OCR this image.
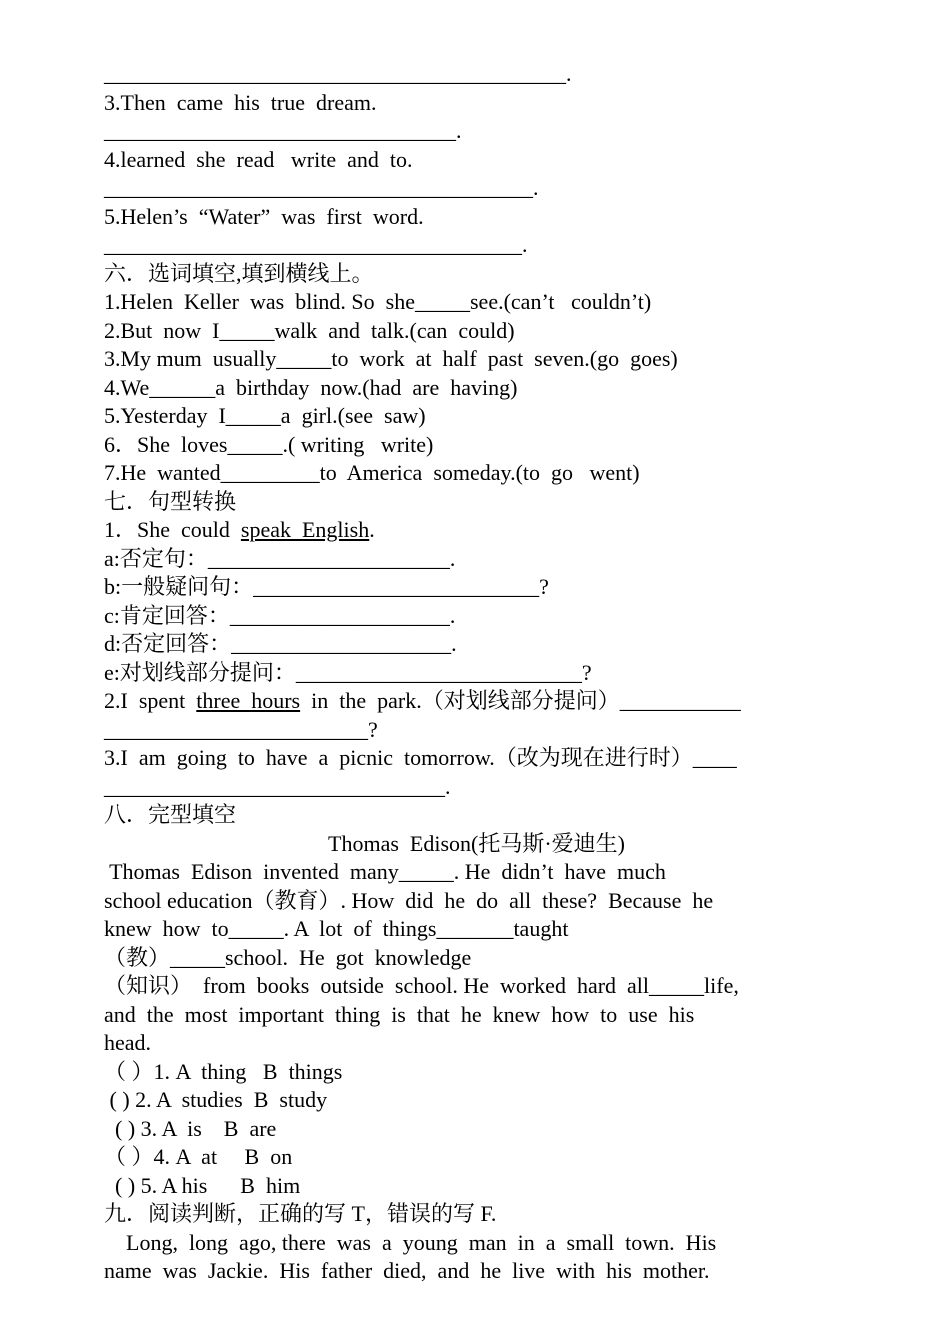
__________________________________________.
3.Then  came  his  true  dream.
________________________________.
4.learned  she  read   write  and  to.
_______________________________________.
5.Helen’s  “Water”  was  first  word.
______________________________________.
六．选词填空,填到横线上。
1.Helen  Keller  was  blind. So  she_____see.(can’t   couldn’t)
2.But  now  I_____walk  and  talk.(can  could)
3.My mum  usually_____to  work  at  half  past  seven.(go  goes)
4.We______a  birthday  now.(had  are  having)
5.Yesterday  I_____a  girl.(see  saw)
6．She  loves_____.( writing   write)
7.He  wanted_________to  America  someday.(to  go   went)
七．句型转换
1．She  could  speak  English.
a:否定句：______________________.
b:一般疑问句：__________________________?
c:肯定回答：____________________.
d:否定回答：____________________.
e:对划线部分提问：__________________________?
2.I  spent  three  hours  in  the  park.（对划线部分提问）___________
________________________?
3.I  am  going  to  have  a  picnic  tomorrow.（改为现在进行时）____
_______________________________.
八．完型填空
Thomas  Edison(托马斯·爱迪生)
Thomas  Edison  invented  many_____. He  didn’t  have  much
school education（教育）. How  did  he  do  all  these?  Because  he
knew  how  to_____. A  lot  of  things_______taught
（教）_____school.  He  got  knowledge
（知识）  from  books  outside  school. He  worked  hard  all_____life,
and  the  most  important  thing  is  that  he  knew  how  to  use  his
head.
（ ）1. A  thing   B  things
( ) 2. A  studies  B  study
( ) 3. A  is    B  are
（ ）4. A  at     B  on
( ) 5. A his      B  him
九．阅读判断，正确的写 T，错误的写 F.
Long,  long  ago, there  was  a  young  man  in  a  small  town.  His
name  was  Jackie.  His  father  died,  and  he  live  with  his  mother.
